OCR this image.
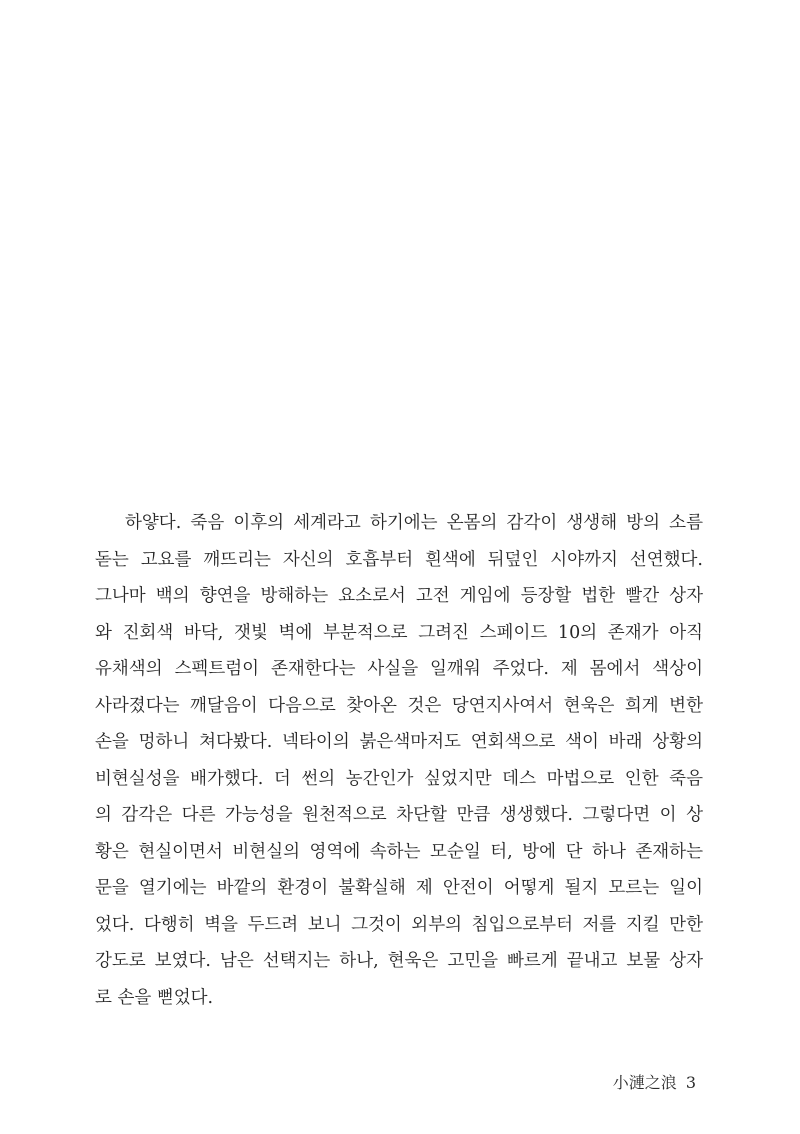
하얗다. 죽음 이후의 세계라고 하기에는 온몸의 감각이 생생해 방의 소름
돋는 고요를 깨뜨리는 자신의 호흡부터 흰색에 뒤덮인 시야까지 선연했다.
그나마 백의 향연을 방해하는 요소로서 고전 게임에 등장할 법한 빨간 상자
와 진회색 바닥, 잿빛 벽에 부분적으로 그려진 스페이드 10의 존재가 아직
유채색의 스펙트럼이 존재한다는 사실을 일깨워 주었다. 제 몸에서 색상이
사라졌다는 깨달음이 다음으로 찾아온 것은 당연지사여서 현욱은 희게 변한
손을 멍하니 쳐다봤다. 넥타이의 붉은색마저도 연회색으로 색이 바래 상황의
비현실성을 배가했다. 더 썬의 농간인가 싶었지만 데스 마법으로 인한 죽음
의 감각은 다른 가능성을 원천적으로 차단할 만큼 생생했다. 그렇다면 이 상
황은 현실이면서 비현실의 영역에 속하는 모순일 터, 방에 단 하나 존재하는
문을 열기에는 바깥의 환경이 불확실해 제 안전이 어떻게 될지 모르는 일이
었다. 다행히 벽을 두드려 보니 그것이 외부의 침입으로부터 저를 지킬 만한
강도로 보였다. 남은 선택지는 하나, 현욱은 고민을 빠르게 끝내고 보물 상자
로 손을 뻗었다.

小漣之浪 3
